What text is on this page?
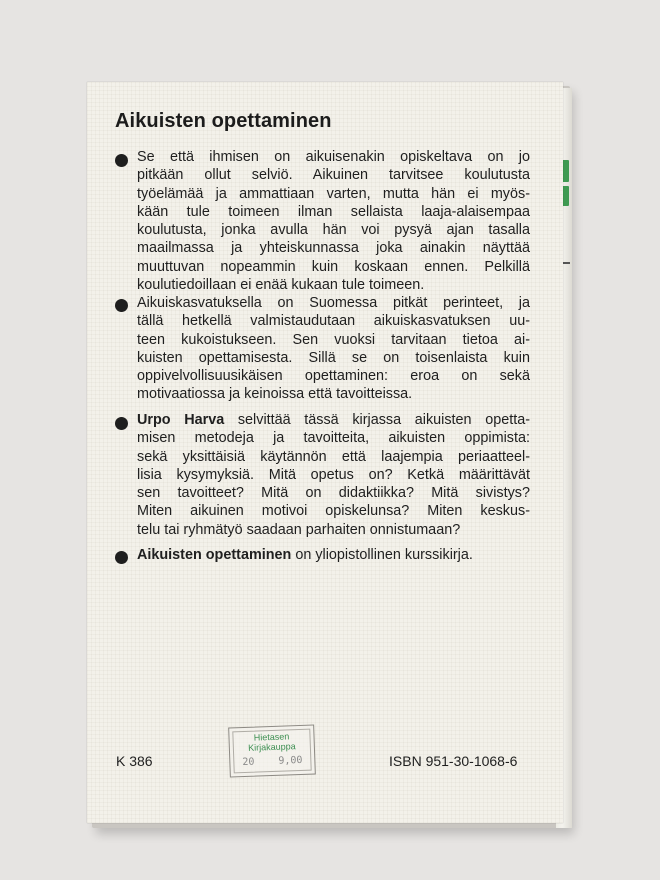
Aikuisten opettaminen
Se että ihmisen on aikuisenakin opiskeltava on jo
pitkään ollut selviö. Aikuinen tarvitsee koulutusta
työelämää ja ammattiaan varten, mutta hän ei myös-
kään tule toimeen ilman sellaista laaja-alaisempaa
koulutusta, jonka avulla hän voi pysyä ajan tasalla
maailmassa ja yhteiskunnassa joka ainakin näyttää
muuttuvan nopeammin kuin koskaan ennen. Pelkillä
koulutiedoillaan ei enää kukaan tule toimeen.
Aikuiskasvatuksella on Suomessa pitkät perinteet, ja
tällä hetkellä valmistaudutaan aikuiskasvatuksen uu-
teen kukoistukseen. Sen vuoksi tarvitaan tietoa ai-
kuisten opettamisesta. Sillä se on toisenlaista kuin
oppivelvollisuusikäisen opettaminen: eroa on sekä
motivaatiossa ja keinoissa että tavoitteissa.
Urpo Harva selvittää tässä kirjassa aikuisten opetta-
misen metodeja ja tavoitteita, aikuisten oppimista:
sekä yksittäisiä käytännön että laajempia periaatteel-
lisia kysymyksiä. Mitä opetus on? Ketkä määrittävät
sen tavoitteet? Mitä on didaktiikka? Mitä sivistys?
Miten aikuinen motivoi opiskelunsa? Miten keskus-
telu tai ryhmätyö saadaan parhaiten onnistumaan?
Aikuisten opettaminen on yliopistollinen kurssikirja.
K 386	ISBN 951-30-1068-6
Hietasen
Kirjakauppa
20 9,00
